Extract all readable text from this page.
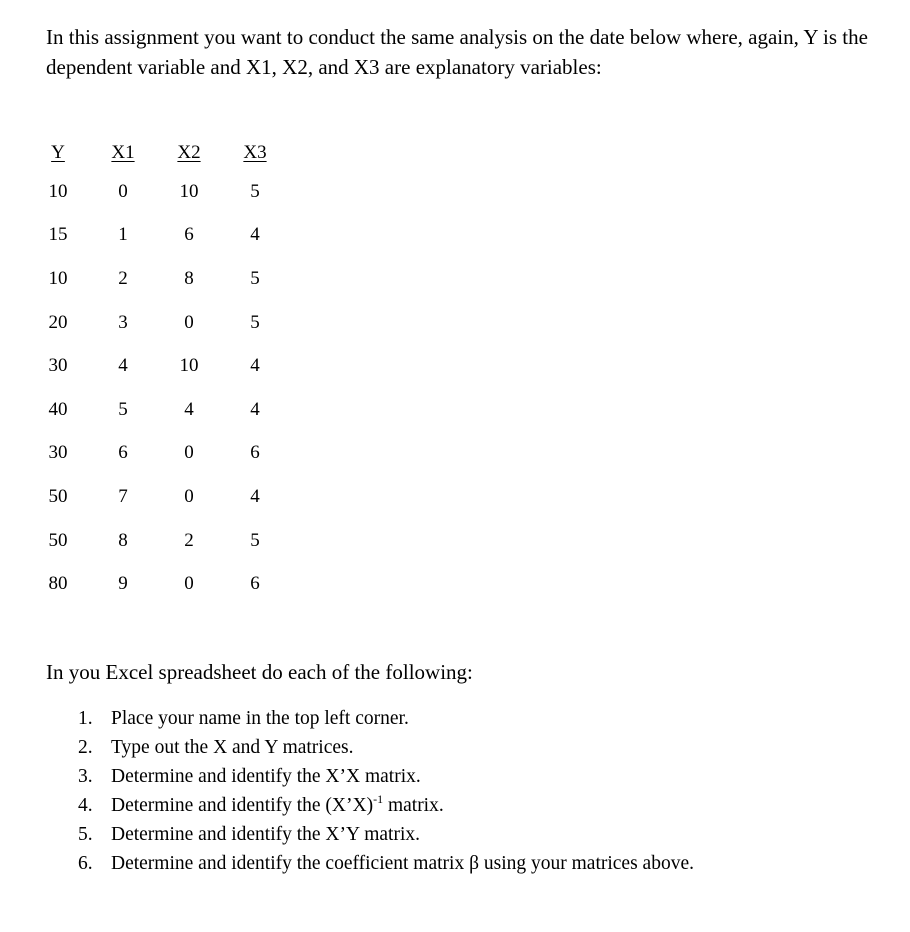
In this assignment you want to conduct the same analysis on the date below where, again, Y is the dependent variable and X1, X2, and X3 are explanatory variables:

Y	X1	X2	X3
10	0	10	5
15	1	6	4
10	2	8	5
20	3	0	5
30	4	10	4
40	5	4	4
30	6	0	6
50	7	0	4
50	8	2	5
80	9	0	6

In you Excel spreadsheet do each of the following:

1. Place your name in the top left corner.
2. Type out the X and Y matrices.
3. Determine and identify the X’X matrix.
4. Determine and identify the (X’X)$^{-1}$ matrix.
5. Determine and identify the X’Y matrix.
6. Determine and identify the coefficient matrix β using your matrices above.
